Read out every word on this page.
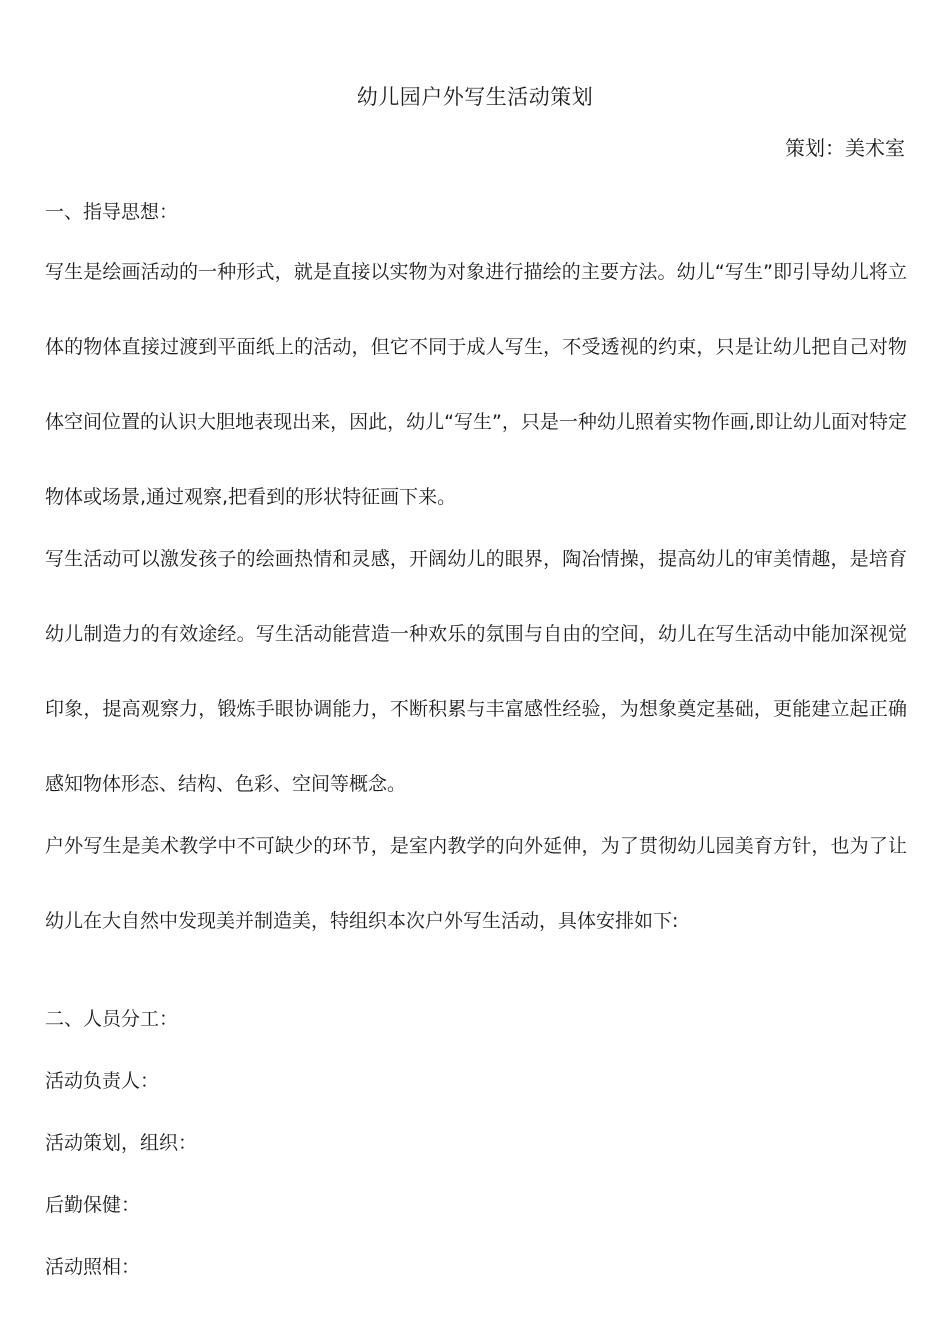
幼儿园户外写生活动策划
策划：美术室
一、指导思想：
写生是绘画活动的一种形式，就是直接以实物为对象进行描绘的主要方法。幼儿“写生”即引导幼儿将立体的物体直接过渡到平面纸上的活动，但它不同于成人写生，不受透视的约束，只是让幼儿把自己对物体空间位置的认识大胆地表现出来，因此，幼儿“写生”，只是一种幼儿照着实物作画,即让幼儿面对特定物体或场景,通过观察,把看到的形状特征画下来。
写生活动可以激发孩子的绘画热情和灵感，开阔幼儿的眼界，陶冶情操，提高幼儿的审美情趣，是培育幼儿制造力的有效途经。写生活动能营造一种欢乐的氛围与自由的空间，幼儿在写生活动中能加深视觉印象，提高观察力，锻炼手眼协调能力，不断积累与丰富感性经验，为想象奠定基础，更能建立起正确感知物体形态、结构、色彩、空间等概念。
户外写生是美术教学中不可缺少的环节，是室内教学的向外延伸，为了贯彻幼儿园美育方针，也为了让幼儿在大自然中发现美并制造美，特组织本次户外写生活动，具体安排如下:
二、人员分工：
活动负责人：
活动策划，组织：
后勤保健：
活动照相：
